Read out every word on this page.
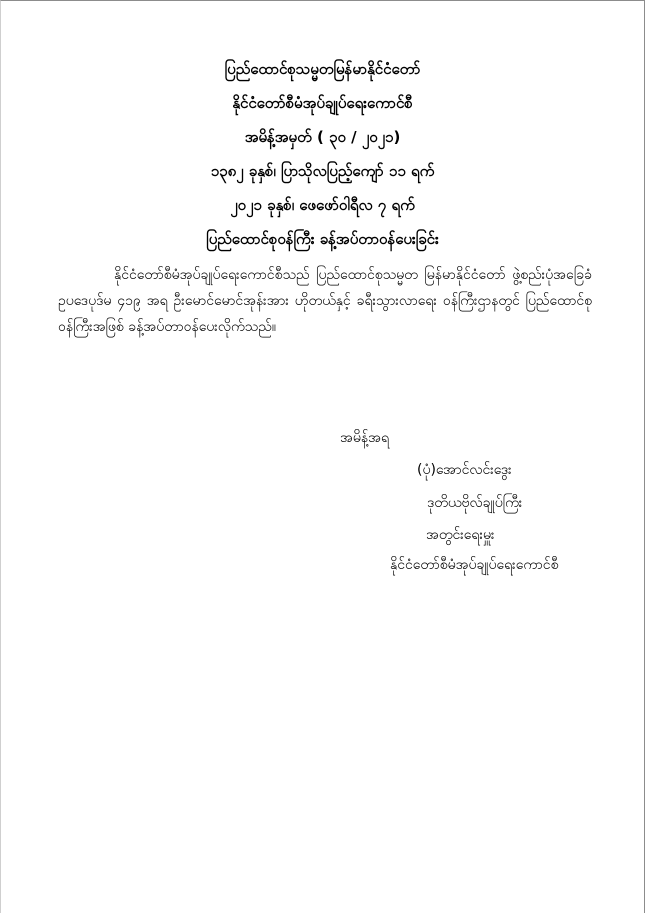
ပြည်ထောင်စုသမ္မတမြန်မာနိုင်ငံတော်
နိုင်ငံတော်စီမံအုပ်ချုပ်ရေးကောင်စီ
အမိန့်အမှတ် ( ၃၀ / ၂၀၂၁)
၁၃၈၂ ခုနှစ်၊ ပြာသိုလပြည့်ကျော် ၁၁ ရက်
၂၀၂၁ ခုနှစ်၊ ဖေဖော်ဝါရီလ ၇ ရက်
ပြည်ထောင်စုဝန်ကြီး ခန့်အပ်တာဝန်ပေးခြင်း
နိုင်ငံတော်စီမံအုပ်ချုပ်ရေးကောင်စီသည် ပြည်ထောင်စုသမ္မတ မြန်မာနိုင်ငံတော် ဖွဲ့စည်းပုံအခြေခံဥပဒေပုဒ်မ ၄၁၉ အရ ဦးမောင်မောင်အုန်းအား ဟိုတယ်နှင့် ခရီးသွားလာရေး ဝန်ကြီးဌာနတွင် ပြည်ထောင်စုဝန်ကြီးအဖြစ် ခန့်အပ်တာဝန်ပေးလိုက်သည်။
အမိန့်အရ
(ပုံ)အောင်လင်းဒွေး
ဒုတိယဗိုလ်ချုပ်ကြီး
အတွင်းရေးမှူး
နိုင်ငံတော်စီမံအုပ်ချုပ်ရေးကောင်စီ
